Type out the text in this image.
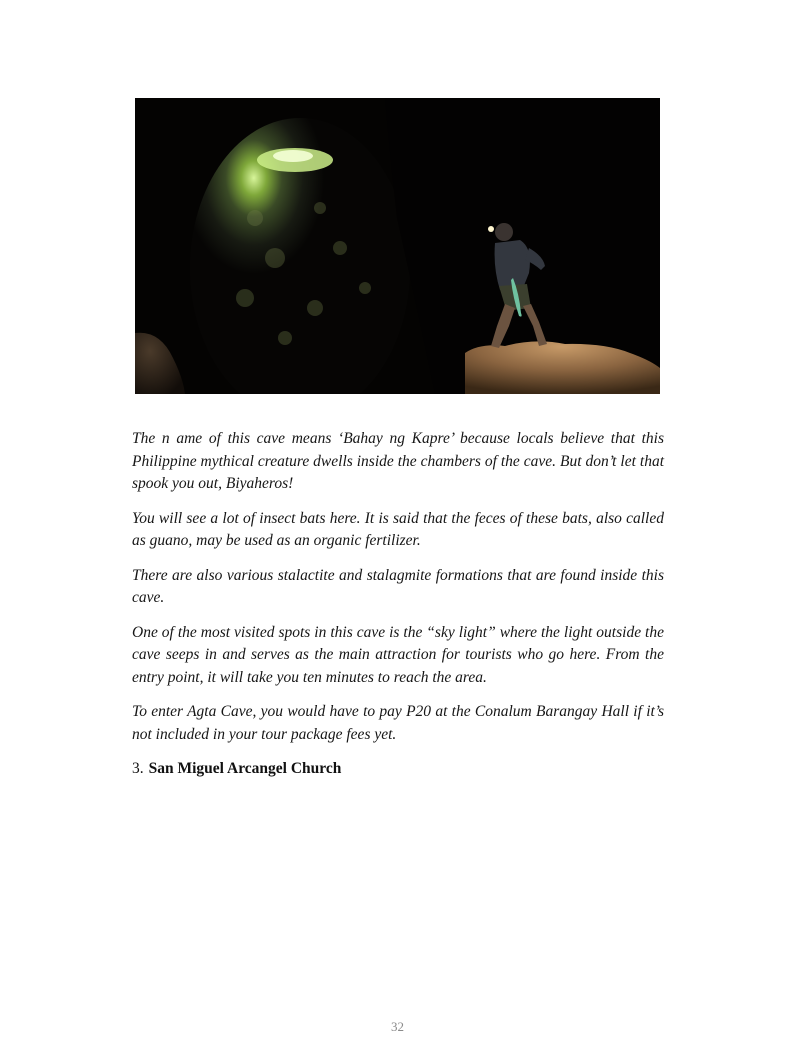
The n ame of this cave means ‘Bahay ng Kapre’ because locals believe that this Philippine mythical creature dwells inside the chambers of the cave. But don’t let that spook you out, Biyaheros!

You will see a lot of insect bats here. It is said that the feces of these bats, also called as guano, may be used as an organic fertilizer.

There are also various stalactite and stalagmite formations that are found inside this cave.

One of the most visited spots in this cave is the “sky light” where the light outside the cave seeps in and serves as the main attraction for tourists who go here. From the entry point, it will take you ten minutes to reach the area.

To enter Agta Cave, you would have to pay P20 at the Conalum Barangay Hall if it’s not included in your tour package fees yet.

3. San Miguel Arcangel Church

32
